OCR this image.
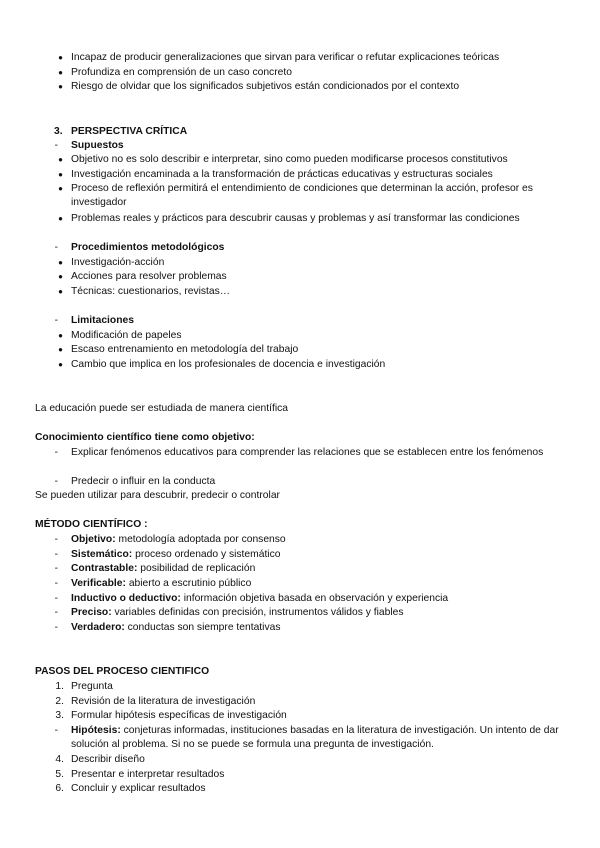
● Incapaz de producir generalizaciones que sirvan para verificar o refutar explicaciones teóricas
● Profundiza en comprensión de un caso concreto
● Riesgo de olvidar que los significados subjetivos están condicionados por el contexto
3. PERSPECTIVA CRÍTICA
- Supuestos
● Objetivo no es solo describir e interpretar, sino como pueden modificarse procesos constitutivos
● Investigación encaminada a la transformación de prácticas educativas y estructuras sociales
● Proceso de reflexión permitirá el entendimiento de condiciones que determinan la acción, profesor es investigador
● Problemas reales y prácticos para descubrir causas y problemas y así transformar las condiciones
- Procedimientos metodológicos
● Investigación-acción
● Acciones para resolver problemas
● Técnicas: cuestionarios, revistas…
- Limitaciones
● Modificación de papeles
● Escaso entrenamiento en metodología del trabajo
● Cambio que implica en los profesionales de docencia e investigación
La educación puede ser estudiada de manera científica
Conocimiento científico tiene como objetivo:
- Explicar fenómenos educativos para comprender las relaciones que se establecen entre los fenómenos
- Predecir o influir en la conducta
Se pueden utilizar para descubrir, predecir o controlar
MÉTODO CIENTÍFICO :
- Objetivo: metodología adoptada por consenso
- Sistemático: proceso ordenado y sistemático
- Contrastable: posibilidad de replicación
- Verificable: abierto a escrutinio público
- Inductivo o deductivo: información objetiva basada en observación y experiencia
- Preciso: variables definidas con precisión, instrumentos válidos y fiables
- Verdadero: conductas son siempre tentativas
PASOS DEL PROCESO CIENTIFICO
1. Pregunta
2. Revisión de la literatura de investigación
3. Formular hipótesis específicas de investigación
- Hipótesis: conjeturas informadas, instituciones basadas en la literatura de investigación. Un intento de dar solución al problema. Si no se puede se formula una pregunta de investigación.
4. Describir diseño
5. Presentar e interpretar resultados
6. Concluir y explicar resultados
